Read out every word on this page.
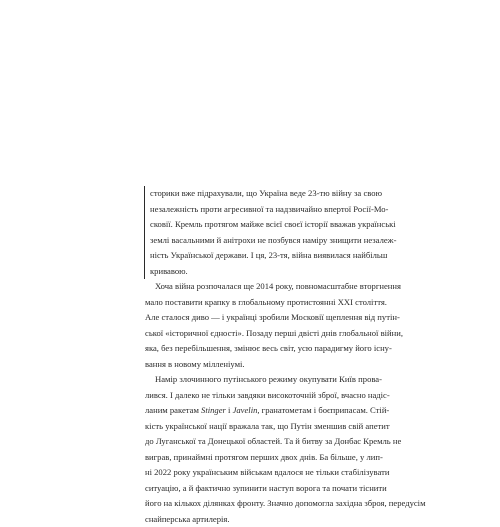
сторики вже підрахували, що Україна веде 23-тю війну за свою
незалежність проти агресивної та надзвичайно впертої Росії-Мо-
сковії. Кремль протягом майже всієї своєї історії вважав українські
землі васальними й анітрохи не позбувся наміру знищити незалеж-
ність Української держави. І ця, 23-тя, війна виявилася найбільш
кривавою.

Хоча війна розпочалася ще 2014 року, повномасштабне вторгнення
мало поставити крапку в глобальному протистоянні XXI століття.
Але сталося диво — і українці зробили Московії щеплення від путін-
ської «історичної єдності». Позаду перші двісті днів глобальної війни,
яка, без перебільшення, змінює весь світ, усю парадигму його існу-
вання в новому мілленіумі.

Намір злочинного путінського режиму окупувати Київ прова-
лився. І далеко не тільки завдяки високоточній зброї, вчасно надіс-
ланим ракетам Stinger і Javelin, гранатометам і боєприпасам. Стій-
кість української нації вражала так, що Путін зменшив свій апетит
до Луганської та Донецької областей. Та й битву за Донбас Кремль не
виграв, принаймні протягом перших двох днів. Ба більше, у лип-
ні 2022 року українським військам вдалося не тільки стабілізувати
ситуацію, а й фактично зупинити наступ ворога та почати тіснити
його на кількох ділянках фронту. Значно допомогла західна зброя, передусім
снайперська артилерія.
